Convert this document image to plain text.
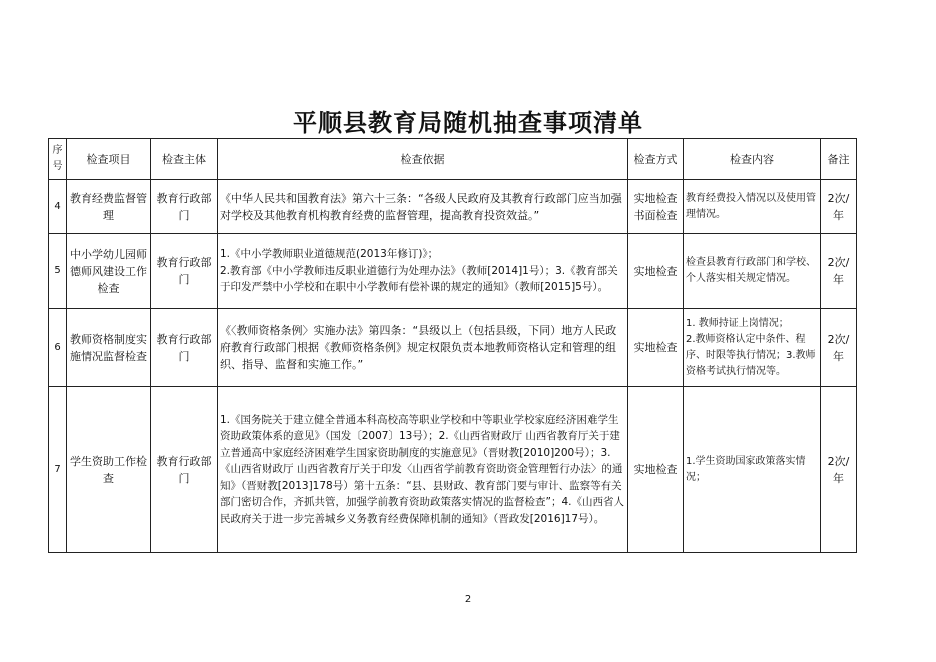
平顺县教育局随机抽查事项清单
序号	检查项目	检查主体	检查依据	检查方式	检查内容	备注
4	教育经费监督管理	教育行政部门	《中华人民共和国教育法》第六十三条：“各级人民政府及其教育行政部门应当加强对学校及其他教育机构教育经费的监督管理，提高教育投资效益。”	实地检查书面检查	教育经费投入情况以及使用管理情况。	2次/年
5	中小学幼儿园师德师风建设工作检查	教育行政部门	1.《中小学教师职业道德规范(2013年修订)》；
2.教育部《中小学教师违反职业道德行为处理办法》（教师[2014]1号）；3.《教育部关于印发严禁中小学校和在职中小学教师有偿补课的规定的通知》（教师[2015]5号）。	实地检查	检查县教育行政部门和学校、个人落实相关规定情况。	2次/年
6	教师资格制度实施情况监督检查	教育行政部门	《〈教师资格条例〉实施办法》第四条：“县级以上（包括县级，下同）地方人民政府教育行政部门根据《教师资格条例》规定权限负责本地教师资格认定和管理的组织、指导、监督和实施工作。”	实地检查	1. 教师持证上岗情况；
2.教师资格认定中条件、程序、时限等执行情况；3.教师资格考试执行情况等。	2次/年
7	学生资助工作检查	教育行政部门	1.《国务院关于建立健全普通本科高校高等职业学校和中等职业学校家庭经济困难学生资助政策体系的意见》（国发〔2007〕13号）；2.《山西省财政厅 山西省教育厅关于建立普通高中家庭经济困难学生国家资助制度的实施意见》（晋财教[2010]200号）；3.《山西省财政厅 山西省教育厅关于印发〈山西省学前教育资助资金管理暂行办法〉的通知》（晋财教[2013]178号）第十五条：“县、县财政、教育部门要与审计、监察等有关部门密切合作，齐抓共管，加强学前教育资助政策落实情况的监督检查”；4.《山西省人民政府关于进一步完善城乡义务教育经费保障机制的通知》（晋政发[2016]17号）。	实地检查	1.学生资助国家政策落实情况；	2次/年
2
